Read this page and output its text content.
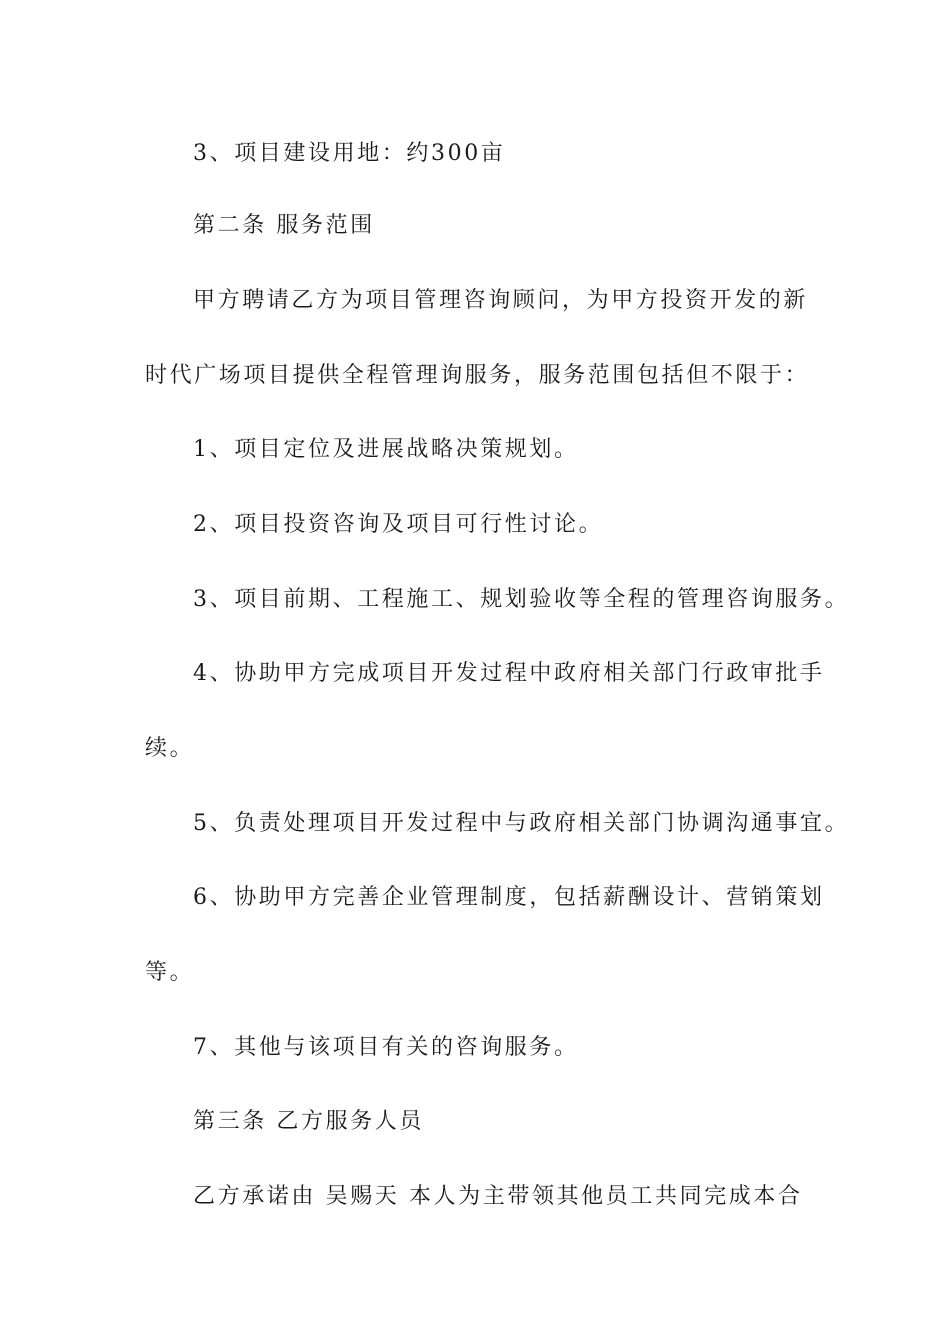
3、项目建设用地：约300亩
第二条 服务范围
甲方聘请乙方为项目管理咨询顾问，为甲方投资开发的新
时代广场项目提供全程管理询服务，服务范围包括但不限于：
1、项目定位及进展战略决策规划。
2、项目投资咨询及项目可行性讨论。
3、项目前期、工程施工、规划验收等全程的管理咨询服务。
4、协助甲方完成项目开发过程中政府相关部门行政审批手
续。
5、负责处理项目开发过程中与政府相关部门协调沟通事宜。
6、协助甲方完善企业管理制度，包括薪酬设计、营销策划
等。
7、其他与该项目有关的咨询服务。
第三条 乙方服务人员
乙方承诺由 吴赐天 本人为主带领其他员工共同完成本合
